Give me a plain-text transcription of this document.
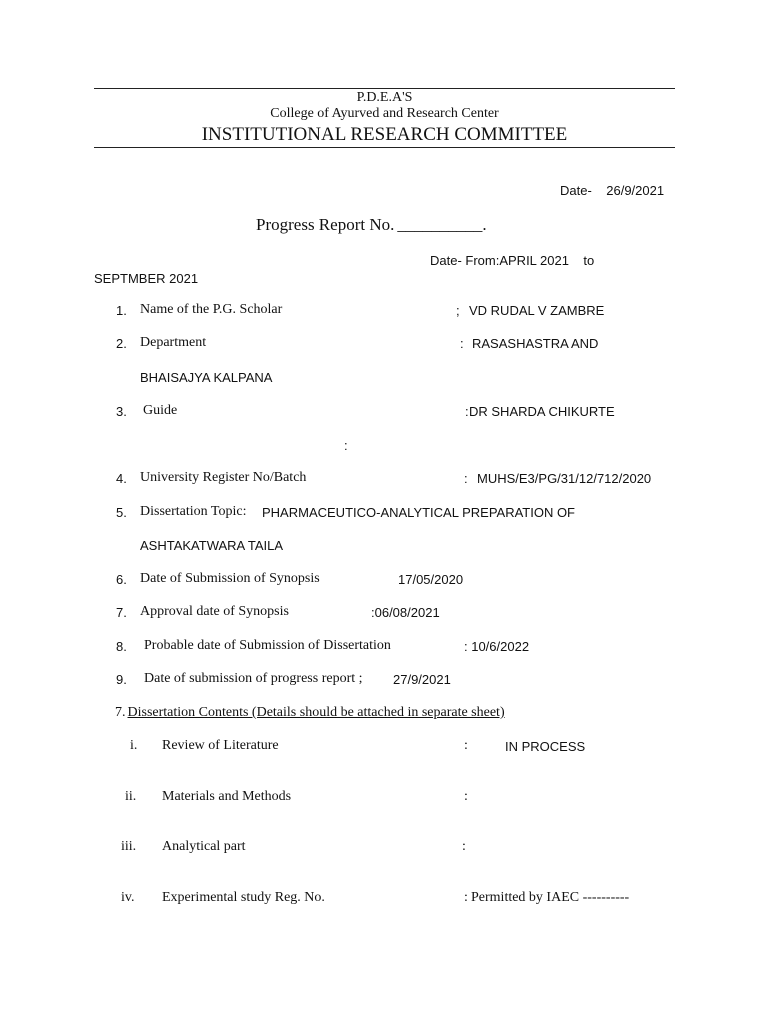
P.D.E.A'S
College of Ayurved and Research Center
INSTITUTIONAL RESEARCH COMMITTEE
Date- 26/9/2021
Progress Report No. __________.
Date- From:APRIL 2021 to
SEPTMBER 2021
1. Name of the P.G. Scholar	; VD RUDAL V ZAMBRE
2. Department	: RASASHASTRA AND
BHAISAJYA KALPANA
3. Guide	: DR SHARDA CHIKURTE
:
4. University Register No/Batch	: MUHS/E3/PG/31/12/712/2020
5. Dissertation Topic: PHARMACEUTICO-ANALYTICAL PREPARATION OF
ASHTAKATWARA TAILA
6. Date of Submission of Synopsis	17/05/2020
7. Approval date of Synopsis	:06/08/2021
8. Probable date of Submission of Dissertation	: 10/6/2022
9. Date of submission of progress report ; 27/9/2021
7. Dissertation Contents (Details should be attached in separate sheet)
i. Review of Literature	:	IN PROCESS
ii. Materials and Methods	:
iii. Analytical part	:
iv. Experimental study Reg. No.	: Permitted by IAEC ----------
